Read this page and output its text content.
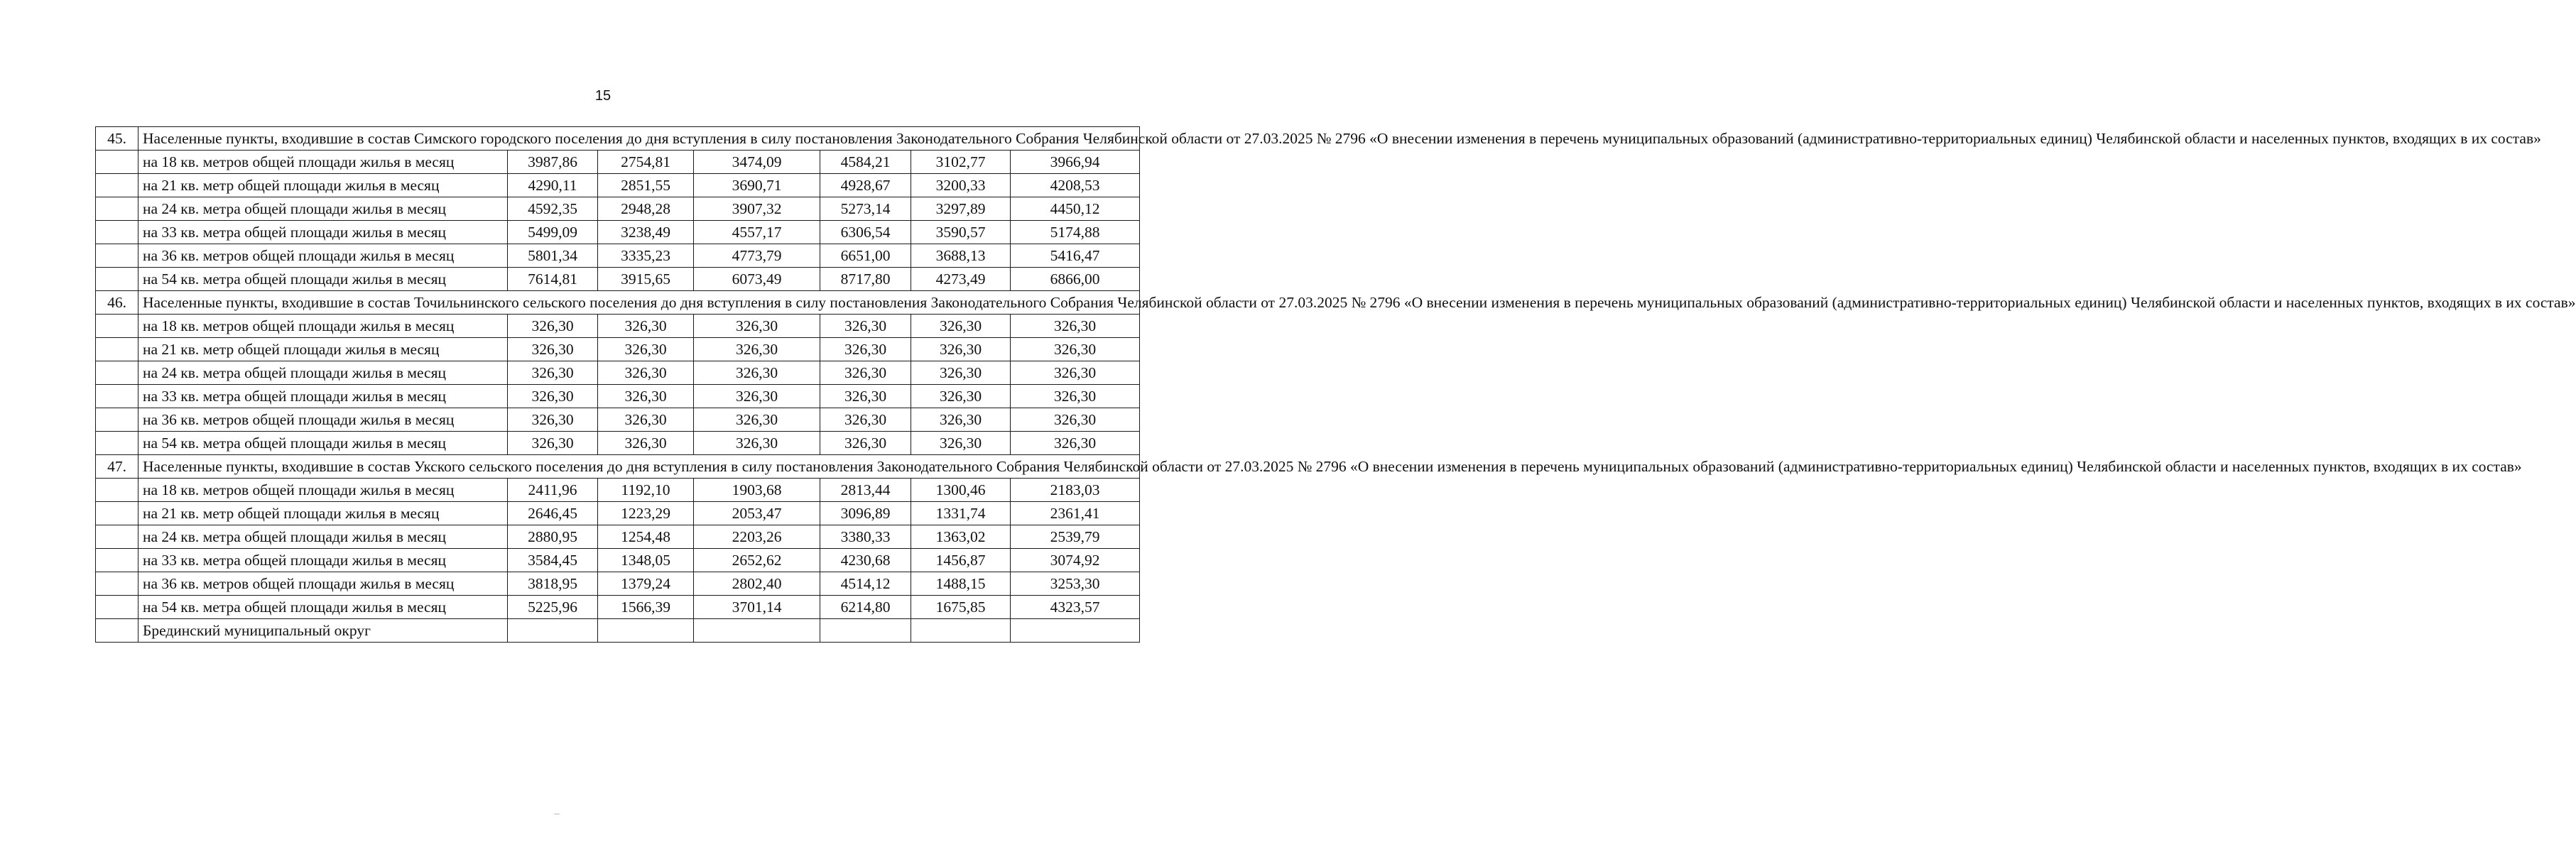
15
45.	Населенные пункты, входившие в состав Симского городского поселения до дня вступления в силу постановления Законодательного Собрания Челябинской области от 27.03.2025 № 2796 «О внесении изменения в перечень муниципальных образований (административно-территориальных единиц) Челябинской области и населенных пунктов, входящих в их состав»						
	на 18 кв. метров общей площади жилья в месяц	3987,86	2754,81	3474,09	4584,21	3102,77	3966,94
	на 21 кв. метр общей площади жилья в месяц	4290,11	2851,55	3690,71	4928,67	3200,33	4208,53
	на 24 кв. метра общей площади жилья в месяц	4592,35	2948,28	3907,32	5273,14	3297,89	4450,12
	на 33 кв. метра общей площади жилья в месяц	5499,09	3238,49	4557,17	6306,54	3590,57	5174,88
	на 36 кв. метров общей площади жилья в месяц	5801,34	3335,23	4773,79	6651,00	3688,13	5416,47
	на 54 кв. метра общей площади жилья в месяц	7614,81	3915,65	6073,49	8717,80	4273,49	6866,00
46.	Населенные пункты, входившие в состав Точильнинского сельского поселения до дня вступления в силу постановления Законодательного Собрания Челябинской области от 27.03.2025 № 2796 «О внесении изменения в перечень муниципальных образований (административно-территориальных единиц) Челябинской области и населенных пунктов, входящих в их состав»						
	на 18 кв. метров общей площади жилья в месяц	326,30	326,30	326,30	326,30	326,30	326,30
	на 21 кв. метр общей площади жилья в месяц	326,30	326,30	326,30	326,30	326,30	326,30
	на 24 кв. метра общей площади жилья в месяц	326,30	326,30	326,30	326,30	326,30	326,30
	на 33 кв. метра общей площади жилья в месяц	326,30	326,30	326,30	326,30	326,30	326,30
	на 36 кв. метров общей площади жилья в месяц	326,30	326,30	326,30	326,30	326,30	326,30
	на 54 кв. метра общей площади жилья в месяц	326,30	326,30	326,30	326,30	326,30	326,30
47.	Населенные пункты, входившие в состав Укского сельского поселения до дня вступления в силу постановления Законодательного Собрания Челябинской области от 27.03.2025 № 2796 «О внесении изменения в перечень муниципальных образований (административно-территориальных единиц) Челябинской области и населенных пунктов, входящих в их состав»						
	на 18 кв. метров общей площади жилья в месяц	2411,96	1192,10	1903,68	2813,44	1300,46	2183,03
	на 21 кв. метр общей площади жилья в месяц	2646,45	1223,29	2053,47	3096,89	1331,74	2361,41
	на 24 кв. метра общей площади жилья в месяц	2880,95	1254,48	2203,26	3380,33	1363,02	2539,79
	на 33 кв. метра общей площади жилья в месяц	3584,45	1348,05	2652,62	4230,68	1456,87	3074,92
	на 36 кв. метров общей площади жилья в месяц	3818,95	1379,24	2802,40	4514,12	1488,15	3253,30
	на 54 кв. метра общей площади жилья в месяц	5225,96	1566,39	3701,14	6214,80	1675,85	4323,57
	Брединский муниципальный округ						
